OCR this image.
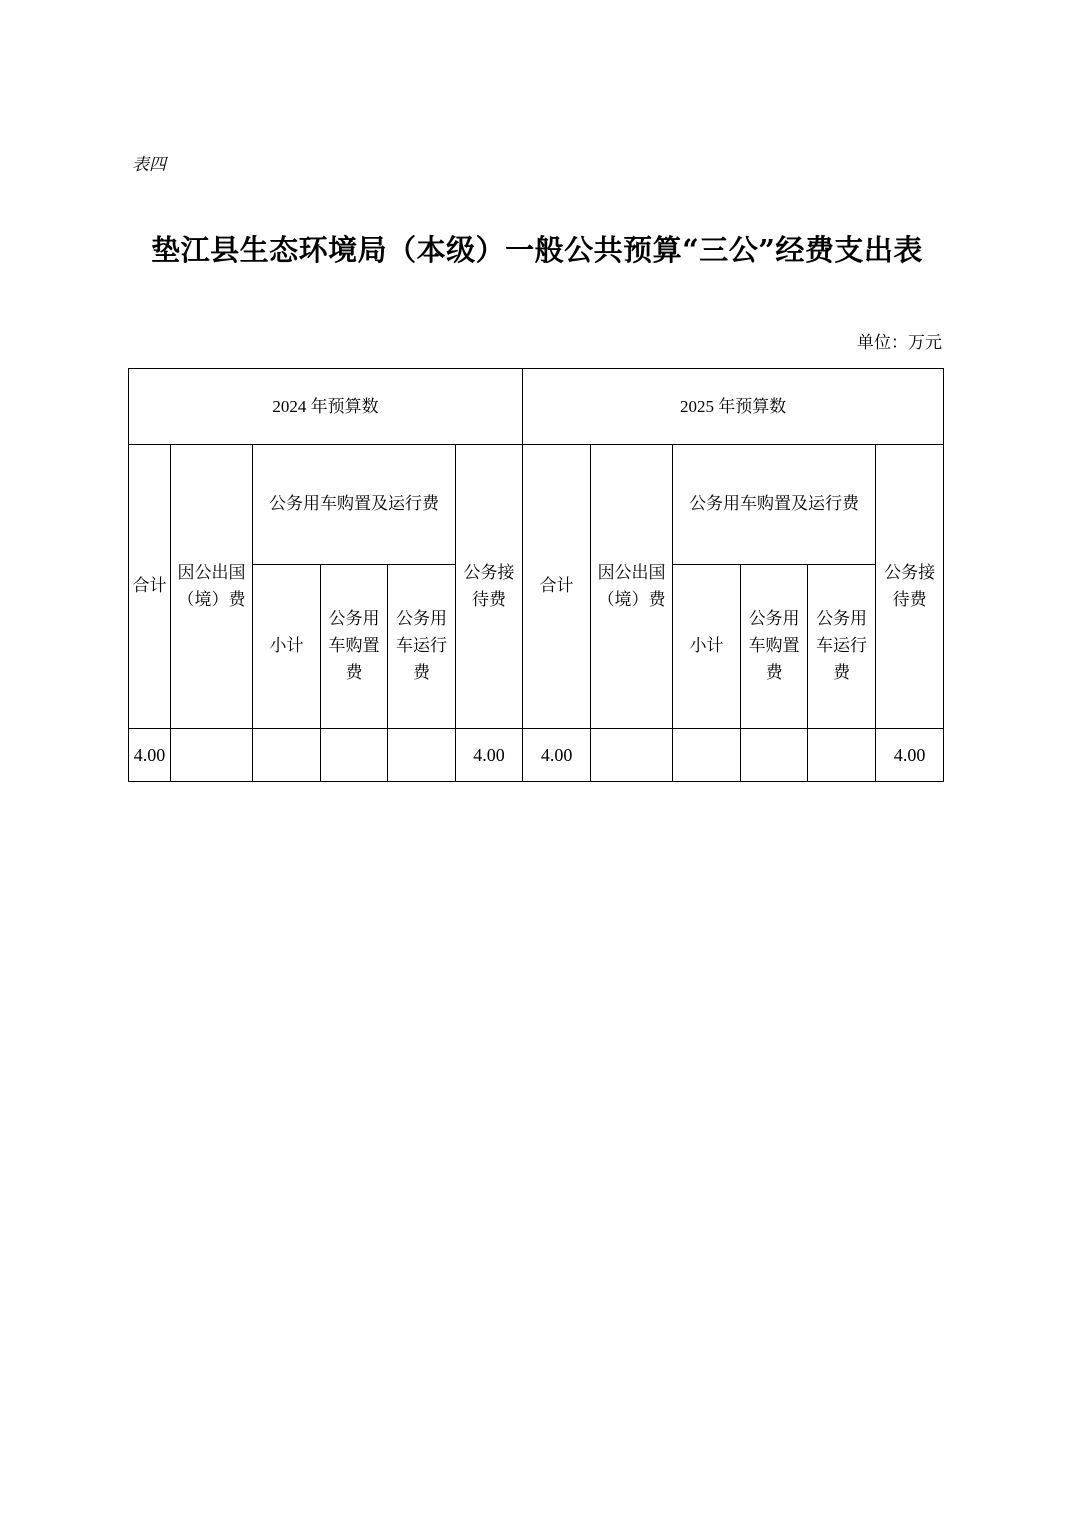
表四
垫江县生态环境局（本级）一般公共预算“三公”经费支出表
单位：万元
2024 年预算数						2025 年预算数					
合计	因公出国（境）费	公务用车购置及运行费			公务接待费	合计	因公出国（境）费	公务用车购置及运行费			公务接待费
		小计	公务用车购置费	公务用车运行费				小计	公务用车购置费	公务用车运行费	
4.00					4.00	4.00					4.00
